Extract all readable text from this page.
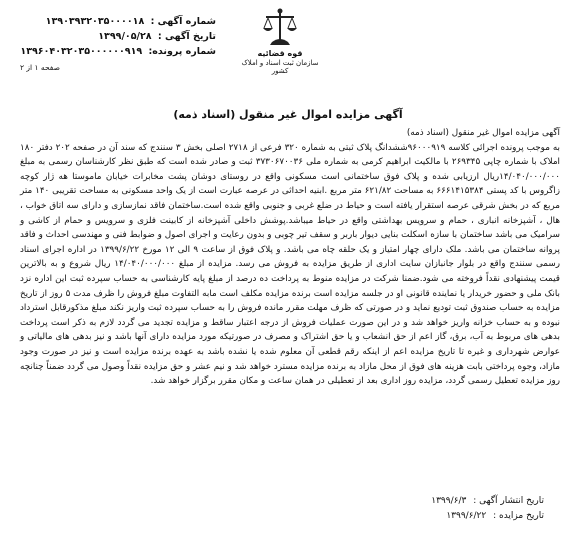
شماره آگهی : ۱۳۹۰۳۹۳۲۰۳۵۰۰۰۰۱۸
تاریخ آگهی : ۱۳۹۹/۰۵/۲۸
شماره پرونده: ۱۳۹۶۰۴۰۳۲۰۳۵۰۰۰۰۰۰۹۱۹	قوه قضائیه
سازمان ثبت اسناد و املاک کشور
صفحه ۱ از ۲
آگهی مزایده اموال غیر منقول (اسناد ذمه)
آگهی مزایده اموال غیر منقول (اسناد ذمه)
به موجب پرونده اجرائی کلاسه ۹۶۰۰۰۹۱۹ششدانگ پلاک ثبتی به شماره ۳۲۰ فرعی از ۲۷۱۸ اصلی بخش ۳ سنندج که سند آن در صفحه ۲۰۲ دفتر ۱۸۰ املاک با شماره چاپی ۲۶۹۳۴۵ با مالکیت ابراهیم کرمی به شماره ملی ۳۷۳۰۶۷۰۰۳۶ ثبت و صادر شده است که طبق نظر کارشناسان رسمی به مبلغ ۱۴/۰۴۰/۰۰۰/۰۰۰ریال ارزیابی شده و پلاک فوق ساختمانی است مسکونی واقع در روستای دوشان پشت مخابرات خیابان ماموستا هه ژار کوچه زاگروس با کد پستی ۶۶۶۱۴۱۵۳۸۴ به مساحت ۶۲۱/۸۲ متر مربع .ابنیه احداثی در عرصه عبارت است از یک واحد مسکونی به مساحت تقریبی ۱۴۰ متر مربع که در بخش شرقی عرصه استقرار یافته است و حیاط در ضلع غربی و جنوبی واقع شده است.ساختمان فاقد نمازسازی و دارای سه اتاق خواب ، هال ، آشپزخانه انباری ، حمام و سرویس بهداشتی واقع در حیاط میباشد.پوشش داخلی آشپزخانه از کابینت فلزی و سرویس و حمام از کاشی و سرامیک می باشد ساختمان با سازه اسکلت بنایی دیوار باربر و سقف تیر چوبی و بدون رعایت و اجرای اصول و ضوابط فنی و مهندسی احداث و فاقد پروانه ساختمان می باشد. ملک دارای چهار امتیاز و یک حلقه چاه می باشد. و پلاک فوق از ساعت ۹ الی ۱۲ مورخ ۱۳۹۹/۶/۲۲ در اداره اجرای اسناد رسمی سنندج واقع در بلوار جانبازان سایت اداری از طریق مزایده به فروش می رسد. مزایده از مبلغ ۱۴/۰۴۰/۰۰۰/۰۰۰ ریال شروع و به بالاترین قیمت پیشنهادی نقداً فروخته می شود.ضمنا شرکت در مزایده منوط به پرداخت ده درصد از مبلغ پایه کارشناسی به حساب سپرده ثبت این اداره نزد بانک ملی و حضور خریدار یا نماینده قانونی او در جلسه مزایده است برنده مزایده مکلف است مابه التفاوت مبلغ فروش را ظرف مدت ۵ روز از تاریخ مزایده به حساب صندوق ثبت تودیع نماید و در صورتی که ظرف مهلت مقرر مانده فروش را به حساب سپرده ثبت واریز نکند مبلغ مذکورقابل استرداد نبوده و به حساب خزانه واریز خواهد شد و در این صورت عملیات فروش از درجه اعتبار ساقط و مزایده تجدید می گردد لازم به ذکر است پرداخت بدهی های مربوط به آب، برق، گاز اعم از حق انشعاب و یا حق اشتراک و مصرف در صورتیکه مورد مزایده دارای آنها باشد و نیز بدهی های مالیاتی و عوارض شهرداری و غیره تا تاریخ مزایده اعم از اینکه رقم قطعی آن معلوم شده یا نشده باشد به عهده برنده مزایده است و نیز در صورت وجود مازاد، وجوه پرداختی بابت هزینه های فوق از محل مازاد به برنده مزایده مسترد خواهد شد و نیم عشر و حق مزایده نقداً وصول می گردد ضمناً چنانچه روز مزایده تعطیل رسمی گردد، مزایده روز اداری بعد از تعطیلی در همان ساعت و مکان مقرر برگزار خواهد شد.
تاریخ انتشار آگهی : ۱۳۹۹/۶/۳
تاریخ مزایده : ۱۳۹۹/۶/۲۲
